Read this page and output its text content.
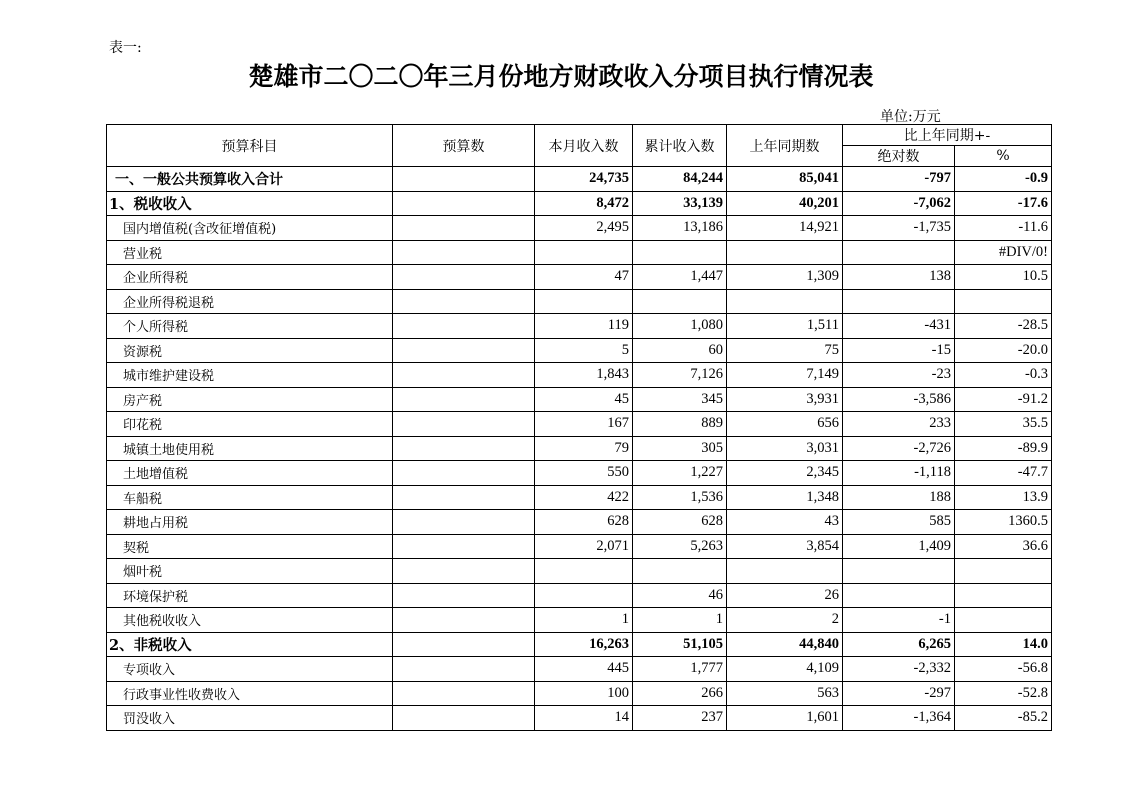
表一:
楚雄市二〇二〇年三月份地方财政收入分项目执行情况表
单位:万元
预算科目	预算数	本月收入数	累计收入数	上年同期数	比上年同期+-	
					绝对数	%
一、一般公共预算收入合计		24,735	84,244	85,041	-797	-0.9
1、税收收入		8,472	33,139	40,201	-7,062	-17.6
国内增值税(含改征增值税)		2,495	13,186	14,921	-1,735	-11.6
营业税						#DIV/0!
企业所得税		47	1,447	1,309	138	10.5
企业所得税退税						
个人所得税		119	1,080	1,511	-431	-28.5
资源税		5	60	75	-15	-20.0
城市维护建设税		1,843	7,126	7,149	-23	-0.3
房产税		45	345	3,931	-3,586	-91.2
印花税		167	889	656	233	35.5
城镇土地使用税		79	305	3,031	-2,726	-89.9
土地增值税		550	1,227	2,345	-1,118	-47.7
车船税		422	1,536	1,348	188	13.9
耕地占用税		628	628	43	585	1360.5
契税		2,071	5,263	3,854	1,409	36.6
烟叶税						
环境保护税			46	26		
其他税收收入		1	1	2	-1	
2、非税收入		16,263	51,105	44,840	6,265	14.0
专项收入		445	1,777	4,109	-2,332	-56.8
行政事业性收费收入		100	266	563	-297	-52.8
罚没收入		14	237	1,601	-1,364	-85.2
